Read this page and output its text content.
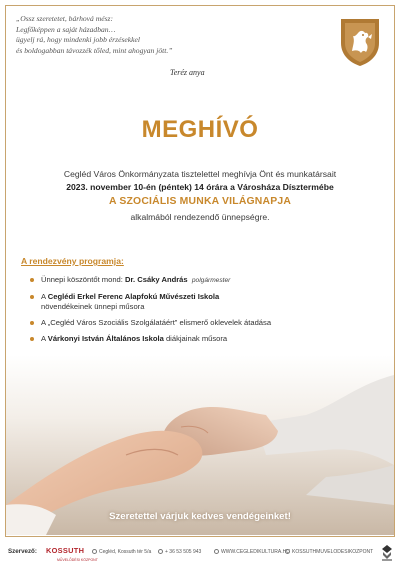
„Ossz szeretetet, bárhová mész:
Legfőképpen a saját házadban…
ügyelj rá, hogy mindenki jobb érzésekkel
és boldogabban távozzék tőled, mint ahogyan jött.”
Teréz anya
MEGHÍVÓ
Cegléd Város Önkormányzata tisztelettel meghívja Önt és munkatársait
2023. november 10-én (péntek) 14 órára a Városháza Dísztermébe
A SZOCIÁLIS MUNKA VILÁGNAPJA
alkalmából rendezendő ünnepségre.
A rendezvény programja:
Ünnepi köszöntőt mond: Dr. Csáky András polgármester
A Ceglédi Erkel Ferenc Alapfokú Művészeti Iskola
növendékeinek ünnepi műsora
A „Cegléd Város Szociális Szolgálatáért” elismerő oklevelek átadása
A Várkonyi István Általános Iskola diákjainak műsora
Szeretettel várjuk kedves vendégeinket!
Szervező: KOSSUTH
MŰVELŐDÉSI KÖZPONT
Cegléd, Kossuth tér 5/a	+ 36 53 505 943	WWW.CEGLEDIKULTURA.HU KOSSUTHMUVELODESIKOZPONT
